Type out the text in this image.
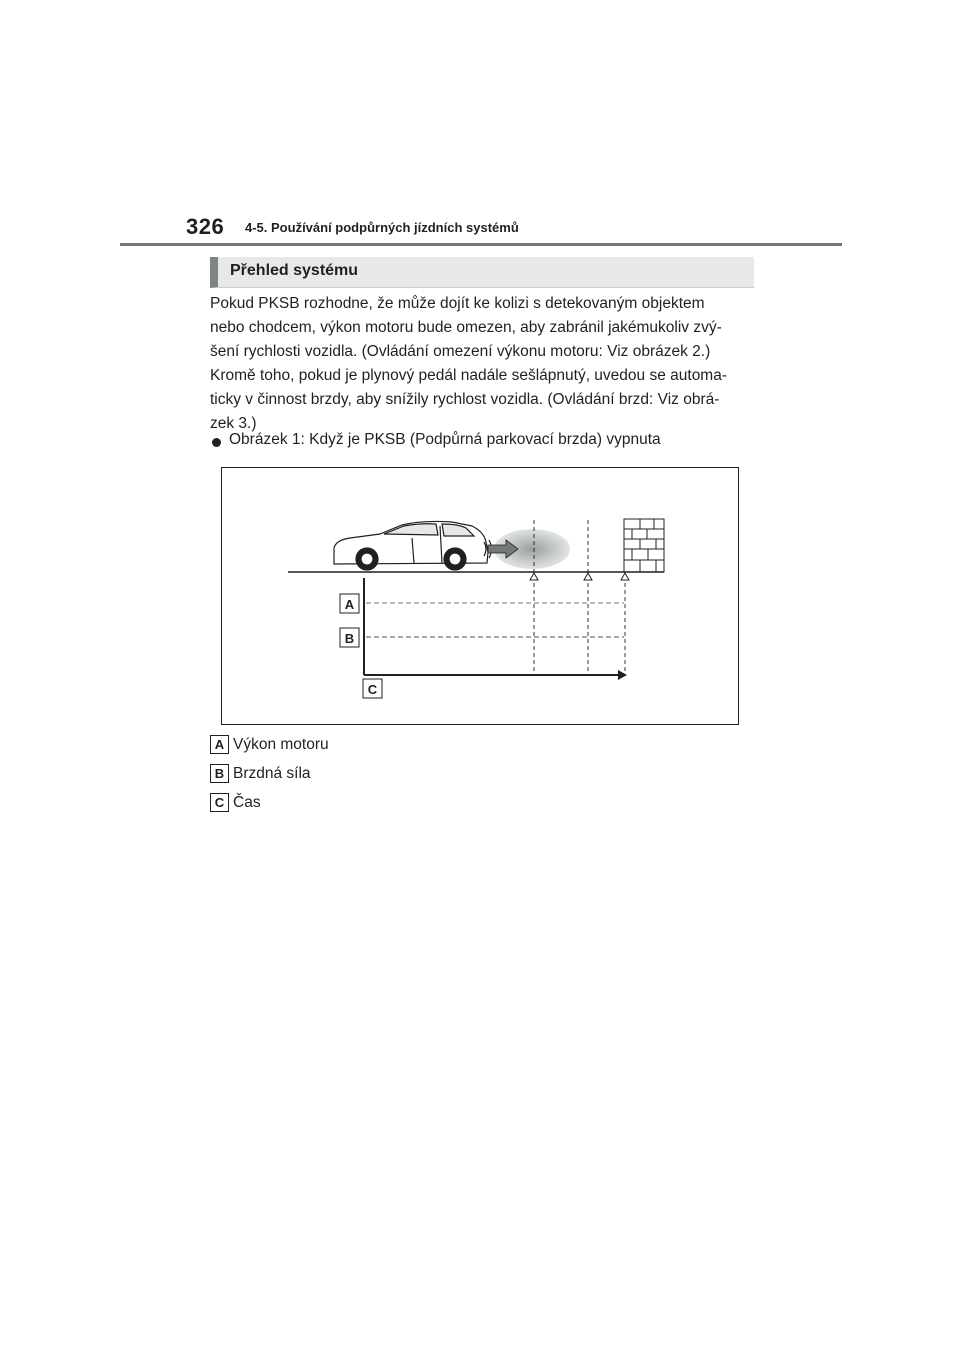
326 4-5. Používání podpůrných jízdních systémů
Přehled systému
Pokud PKSB rozhodne, že může dojít ke kolizi s detekovaným objektem
nebo chodcem, výkon motoru bude omezen, aby zabránil jakémukoliv zvý-
šení rychlosti vozidla. (Ovládání omezení výkonu motoru: Viz obrázek 2.)
Kromě toho, pokud je plynový pedál nadále sešlápnutý, uvedou se automa-
ticky v činnost brzdy, aby snížily rychlost vozidla. (Ovládání brzd: Viz obrá-
zek 3.)
Obrázek 1: Když je PKSB (Podpůrná parkovací brzda) vypnuta
A
B
C
A Výkon motoru
B Brzdná síla
C Čas
